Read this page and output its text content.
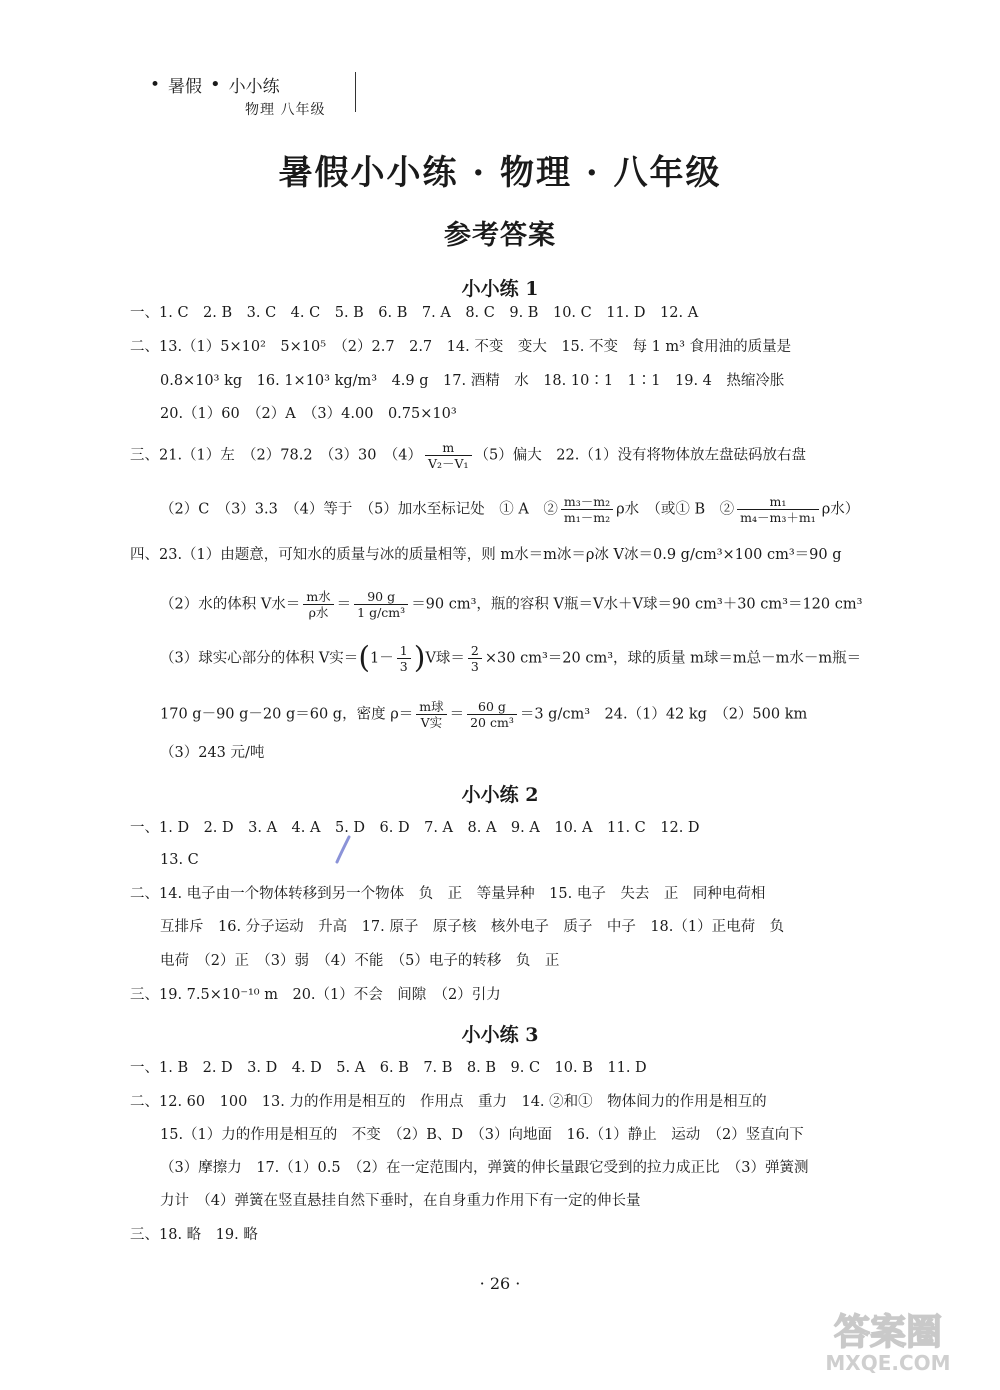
• 暑假 • 小小练
物理 八年级
暑假小小练 · 物理 · 八年级
参考答案
小小练 1
一、1. C　2. B　3. C　4. C　5. B　6. B　7. A　8. C　9. B　10. C　11. D　12. A
二、13.（1）5×10²　5×10⁵　（2）2.7　2.7　14. 不变　变大　15. 不变　每 1 m³ 食用油的质量是
0.8×10³ kg　16. 1×10³ kg/m³　4.9 g　17. 酒精　水　18. 10∶1　1∶1　19. 4　热缩冷胀
20.（1）60　（2）A　（3）4.00　0.75×10³
三、21.（1）左　（2）78.2　（3）30　$(4) \frac{m}{\text{V₂－V₁}} (5)$偏大　22.（1）没有将物体放左盘砝码放右盘
（2）C　（3）3.3　（4）等于　（5）加水至标记处　① A　② $\frac{\text{m₃－m₂}}{\text{m₁－m₂}}$ ρ水　 （或① B　② $\frac{\text{m₁}}{\text{m₄－m₃＋m₁}}$ ρ水）
四、23.（1）由题意，可知水的质量与冰的质量相等，则 m水＝m冰＝ρ冰 V冰＝0.9 g/cm³×100 cm³＝90 g
（2）水的体积 V水＝ $\frac{\text{m水}}{\text{ρ水}} = \frac{90 g}{\text{1 g/cm³}} =90$ cm³，瓶的容积 V瓶＝V水＋V球＝90 cm³＋30 cm³＝120 cm³
（3）球实心部分的体积 V实$=(1- \frac{1}{3} )V$球＝ $\frac{2}{3} \times 30$ cm³＝20 cm³，球的质量 m球＝m总－m水－m瓶＝
170 g－90 g－20 g＝60 g，密度 $\rho= \frac{\text{m球}}{\text{V实}} = \frac{60 g}{\text{20 cm³}} =3$ g/cm³　24.（1）42 kg　（2）500 km
（3）243 元/吨
小小练 2
一、1. D　2. D　3. A　4. A　5. D　6. D　7. A　8. A　9. A　10. A　11. C　12. D
13. C
二、14. 电子由一个物体转移到另一个物体　负　正　等量异种　15. 电子　失去　正　同种电荷相
互排斥　16. 分子运动　升高　17. 原子　原子核　核外电子　质子　中子　18.（1）正电荷　负
电荷　（2）正　（3）弱　（4）不能　（5）电子的转移　负　正
三、19. 7.5×10⁻¹⁰ m　20.（1）不会　间隙　（2）引力
小小练 3
一、1. B　2. D　3. D　4. D　5. A　6. B　7. B　8. B　9. C　10. B　11. D
二、12. 60　100　13. 力的作用是相互的　作用点　重力　14. ②和①　物体间力的作用是相互的
15.（1）力的作用是相互的　不变　（2）B、D　（3）向地面　16.（1）静止　运动　（2）竖直向下
（3）摩擦力　17.（1）0.5　（2）在一定范围内，弹簧的伸长量跟它受到的拉力成正比　（3）弹簧测
力计　（4）弹簧在竖直悬挂自然下垂时，在自身重力作用下有一定的伸长量
三、18. 略　19. 略
· 26 ·
答案圈
MXQE.COM
